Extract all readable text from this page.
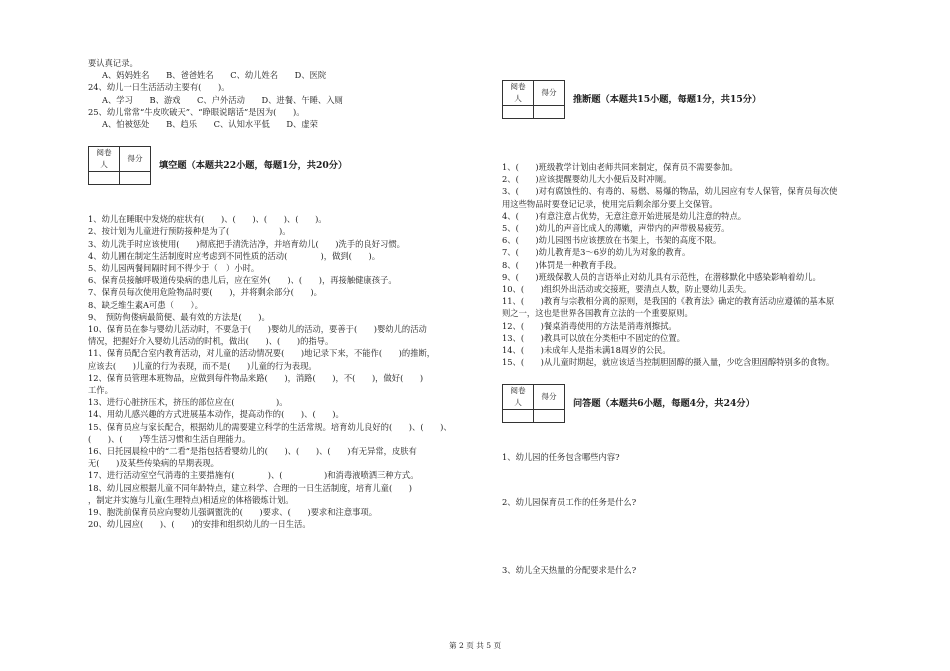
要认真记录。
A、妈妈姓名　　B、爸爸姓名　　C、幼儿姓名　　D、医院
24、幼儿一日生活活动主要有(　　)。
A、学习　　B、游戏　　C、户外活动　　D、进餐、午睡、入厕
25、幼儿常常“牛皮吹破天”、“睁眼说瞎话”是因为(　　)。
A、怕被惩处　　B、趋乐　　C、认知水平低　　D、虚荣
阅卷人	得分

填空题（本题共22小题，每题1分，共20分）
1、幼儿在睡眠中发烧的症状有(　　)、(　　)、(　　)、(　　)。
2、按计划为儿童进行预防接种是为了(　　　　　　)。
3、幼儿洗手时应该使用(　　)彻底把手清洗洁净，并培育幼儿(　　)洗手的良好习惯。
4、幼儿圃在制定生活制度时应考虑到不同性质的活动(　　　　)，做到(　　)。
5、幼儿园两餐间隔时间不得少于（　）小时。
6、保育员接触呼吸道传染病的患儿后，应在室外(　　)、(　　)，再接触健康孩子。
7、保育员每次使用危险物品时要(　　)，并将剩余部分(　　)。
8、缺乏维生素A可患（　　）。
9、　预防佝偻病最简便、最有效的方法是(　　)。
10、保育员在参与婴幼儿活动时，不要急于(　　)婴幼儿的活动，要善于(　　)婴幼儿的活动
情况，把握好介入婴幼儿活动的时机，做出(　　)、(　　)的指导。
11、保育员配合室内教育活动，对儿童的活动情况要(　　)地记录下来，不能作(　　)的推断，
应该去(　　)儿童的行为表现，而不是(　　)儿童的行为表现。
12、保育员管理本班物品，应做到每件物品来路(　　)，消路(　　)，不(　　)，做好(　　)
工作。
13、进行心脏挤压术，挤压的部位应在(　　　　　)。
14、用幼儿感兴趣的方式进展基本动作，提高动作的(　　)、(　　)。
15、保育员应与家长配合，根据幼儿的需要建立科学的生活常规。培育幼儿良好的(　　)、(　　)、
(　　)、(　　)等生活习惯和生活自理能力。
16、日托园晨检中的“二看”是指包括看婴幼儿的(　　)、(　　)、(　　)有无异常，皮肤有
无(　　)及某些传染病的早期表现。
17、进行活动室空气消毒的主要措施有(　　　　)、(　　　　　)和消毒液喷洒三种方式。
18、幼儿园应根据儿童不同年龄特点，建立科学、合理的一日生活制度，培育儿童(　　)
，制定并实施与儿童(生理特点)相适应的体格锻炼计划。
19、胞洗前保育员应向婴幼儿强调盥洗的(　　)要求、(　　)要求和注意事项。
20、幼儿园应(　　)、(　　)的安排和组织幼儿的一日生活。
阅卷人	得分

推断题（本题共15小题，每题1分，共15分）
1、(　　)班级教学计划由老师共同来制定，保育员不需要参加。
2、(　　)应该提醒婴幼儿大小便后及时冲厕。
3、(　　)对有腐蚀性的、有毒的、易燃、易爆的物品，幼儿园应有专人保管，保育员每次使
用这些物品时要登记记录，使用完后剩余部分要上交保管。
4、(　　)有意注意占优势，无意注意开始进展是幼儿注意的特点。
5、(　　)幼儿的声音比成人的薄嫩，声带内的声带极易疲劳。
6、(　　)幼儿园图书应该摆放在书架上，书架的高度不限。
7、(　　)幼儿教育是3～6岁的幼儿为对象的教育。
8、(　　)体罚是一种教育手段。
9、(　　)班级保教人员的言语举止对幼儿具有示范性，在潜移默化中感染影响着幼儿。
10、(　　)组织外出活动或交接班，要清点人数，防止婴幼儿丢失。
11、(　　)教育与宗教相分离的原则，是我国的《教育法》确定的教育活动应遵循的基本原
则之一，这也是世界各国教育立法的一个重要原则。
12、(　　)餐桌消毒使用的方法是消毒剂擦拭。
13、(　　)教具可以放在分类柜中不固定的位置。
14、(　　)未成年人是指未满18周岁的公民。
15、(　　)从儿童时期起，就应该适当控制胆固醇的摄入量，少吃含胆固醇特别多的食物。
阅卷人	得分

问答题（本题共6小题，每题4分，共24分）
1、幼儿园的任务包含哪些内容?
2、幼儿园保育员工作的任务是什么?
3、幼儿全天热量的分配要求是什么?
第 2 页 共 5 页
